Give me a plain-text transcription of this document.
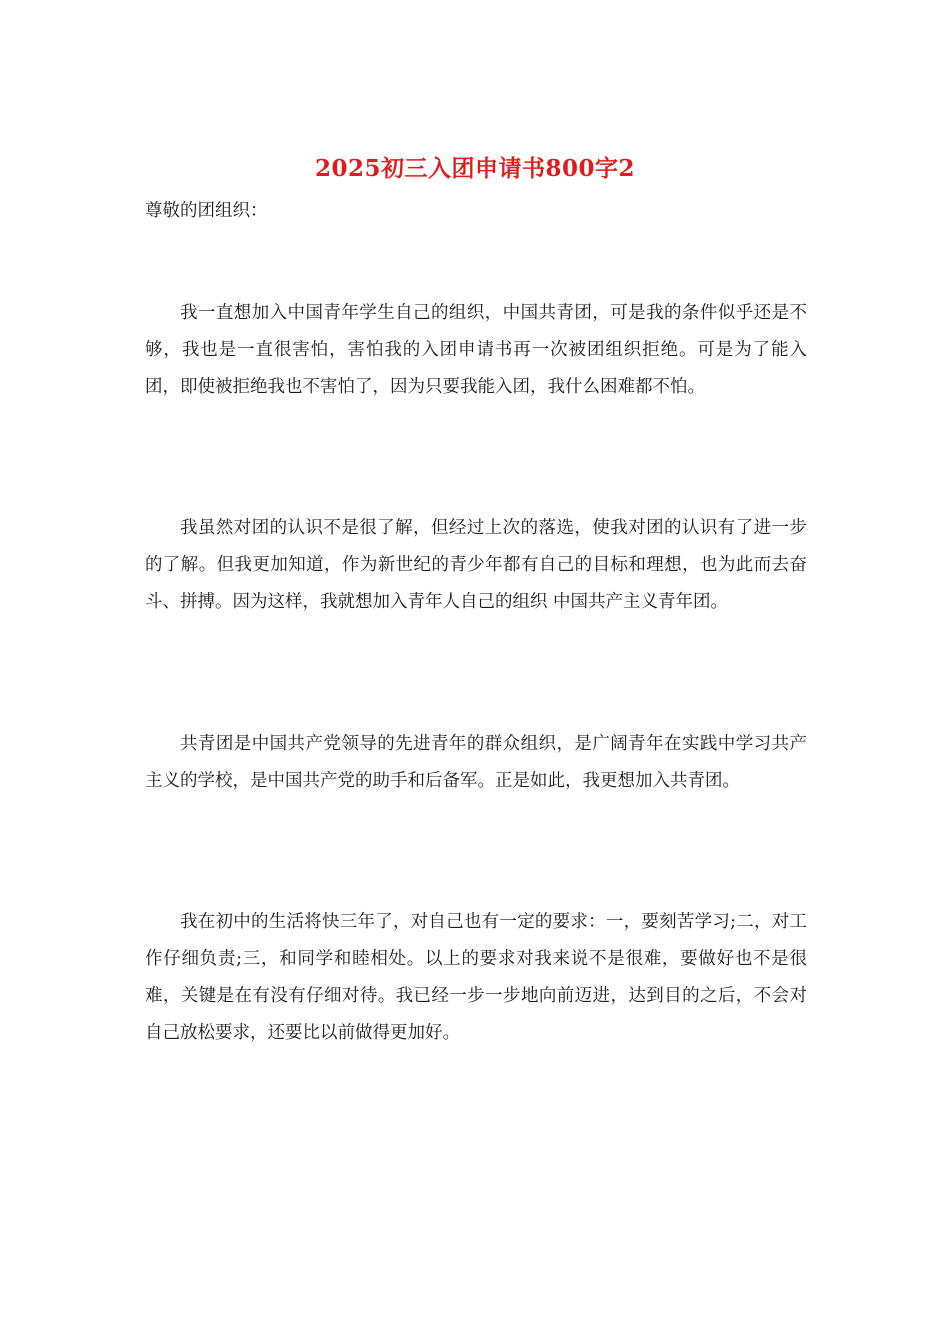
2025初三入团申请书800字2
尊敬的团组织：

我一直想加入中国青年学生自己的组织，中国共青团，可是我的条件似乎还是不够，我也是一直很害怕，害怕我的入团申请书再一次被团组织拒绝。可是为了能入团，即使被拒绝我也不害怕了，因为只要我能入团，我什么困难都不怕。

我虽然对团的认识不是很了解，但经过上次的落选，使我对团的认识有了进一步的了解。但我更加知道，作为新世纪的青少年都有自己的目标和理想，也为此而去奋斗、拼搏。因为这样，我就想加入青年人自己的组织 中国共产主义青年团。

共青团是中国共产党领导的先进青年的群众组织，是广阔青年在实践中学习共产主义的学校，是中国共产党的助手和后备军。正是如此，我更想加入共青团。

我在初中的生活将快三年了，对自己也有一定的要求：一，要刻苦学习;二，对工作仔细负责;三，和同学和睦相处。以上的要求对我来说不是很难，要做好也不是很难，关键是在有没有仔细对待。我已经一步一步地向前迈进，达到目的之后，不会对自己放松要求，还要比以前做得更加好。
